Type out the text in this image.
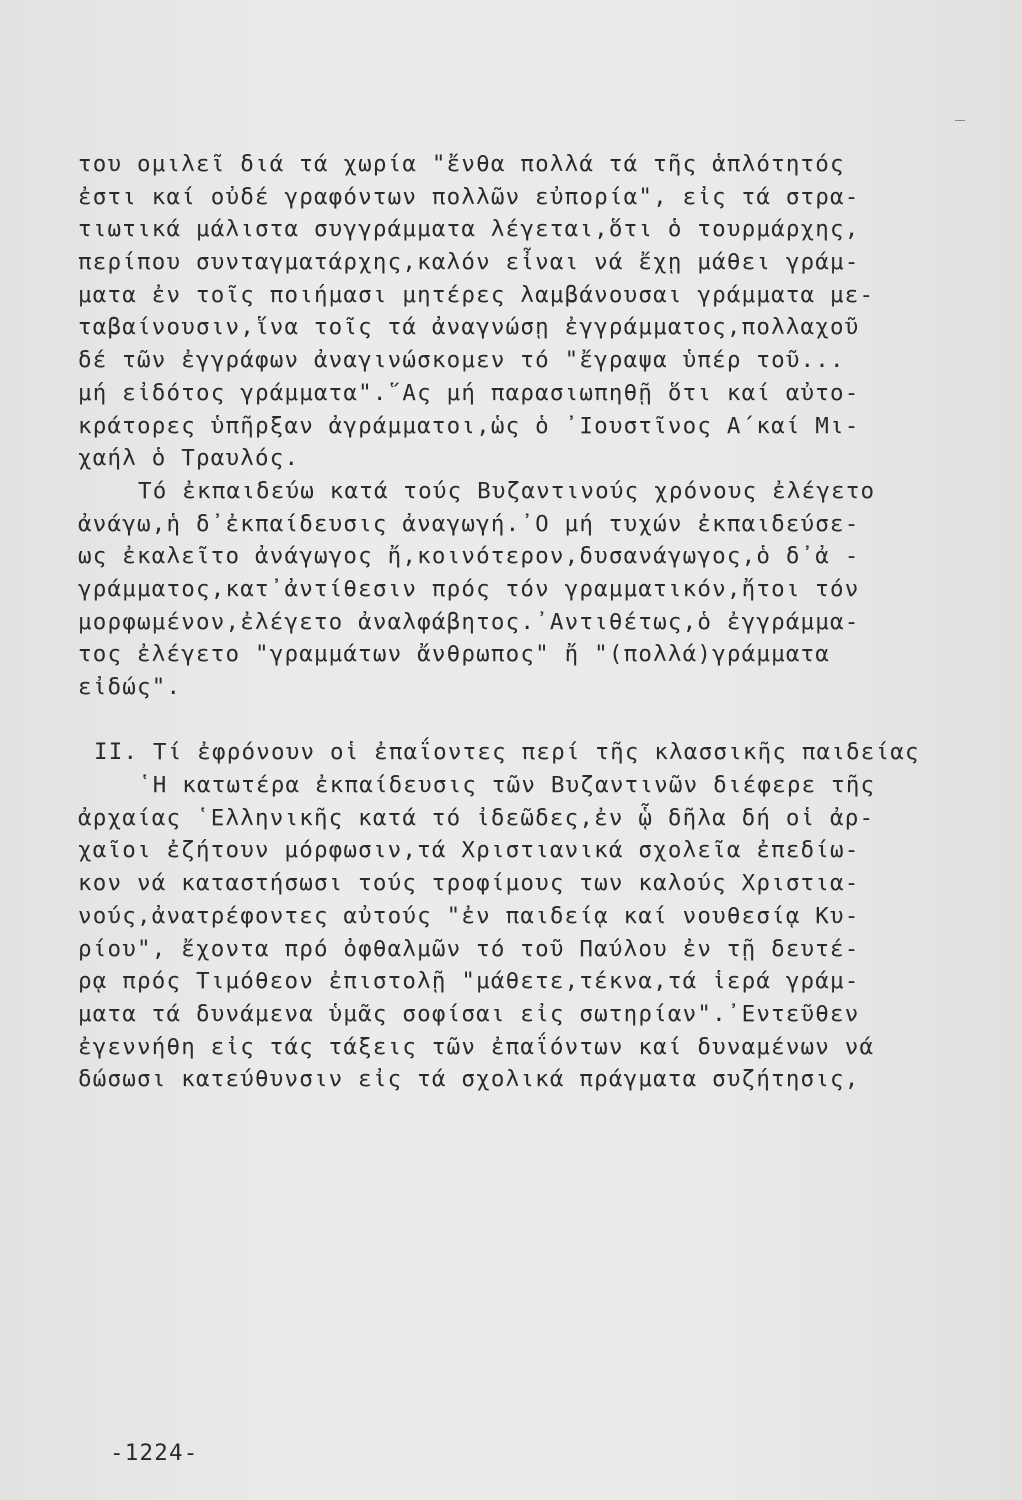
του ομιλεῖ διά τά χωρία "ἔνθα πολλά τά τῆς ἁπλότητός
ἐστι καί οὐδέ γραφόντων πολλῶν εὐπορία", εἰς τά στρα-
τιωτικά μάλιστα συγγράμματα λέγεται,ὅτι ὁ τουρμάρχης,
περίπου συνταγματάρχης,καλόν εἶναι νά ἔχῃ μάθει γράμ-
ματα ἐν τοῖς ποιήμασι μητέρες λαμβάνουσαι γράμματα με-
ταβαίνουσιν,ἵνα τοῖς τά ἀναγνώσῃ ἐγγράμματος,πολλαχοῦ
δέ τῶν ἐγγράφων ἀναγινώσκομεν τό "ἔγραψα ὑπέρ τοῦ...
μή εἰδότος γράμματα".῞Ας μή παρασιωπηθῇ ὅτι καί αὐτο-
κράτορες ὑπῆρξαν ἀγράμματοι,ὡς ὁ ᾽Ιουστῖνος Α΄καί Μι-
χαήλ ὁ Τραυλός.
Τό ἐκπαιδεύω κατά τούς Βυζαντινούς χρόνους ἐλέγετο
ἀνάγω,ἡ δ᾽ἐκπαίδευσις ἀναγωγή.᾽Ο μή τυχών ἐκπαιδεύσε-
ως ἐκαλεῖτο ἀνάγωγος ἤ,κοινότερον,δυσανάγωγος,ὁ δ᾽ἀ -
γράμματος,κατ᾽ἀντίθεσιν πρός τόν γραμματικόν,ἤτοι τόν
μορφωμένον,ἐλέγετο ἀναλφάβητος.᾽Αντιθέτως,ὁ ἐγγράμμα-
τος ἐλέγετο "γραμμάτων ἄνθρωπος" ἤ "(πολλά)γράμματα
εἰδώς".
II. Τί ἐφρόνουν οἱ ἐπαΐοντες περί τῆς κλασσικῆς παιδείας
῾Η κατωτέρα ἐκπαίδευσις τῶν Βυζαντινῶν διέφερε τῆς
ἀρχαίας ῾Ελληνικῆς κατά τό ἰδεῶδες,ἐν ᾧ δῆλα δή οἱ ἀρ-
χαῖοι ἐζήτουν μόρφωσιν,τά Χριστιανικά σχολεῖα ἐπεδίω-
κον νά καταστήσωσι τούς τροφίμους των καλούς Χριστια-
νούς,ἀνατρέφοντες αὐτούς "ἐν παιδείᾳ καί νουθεσίᾳ Κυ-
ρίου", ἔχοντα πρό ὀφθαλμῶν τό τοῦ Παύλου ἐν τῇ δευτέ-
ρᾳ πρός Τιμόθεον ἐπιστολῇ "μάθετε,τέκνα,τά ἱερά γράμ-
ματα τά δυνάμενα ὑμᾶς σοφίσαι εἰς σωτηρίαν".᾽Εντεῦθεν
ἐγεννήθη εἰς τάς τάξεις τῶν ἐπαΐόντων καί δυναμένων νά
δώσωσι κατεύθυνσιν εἰς τά σχολικά πράγματα συζήτησις,
-1224-
